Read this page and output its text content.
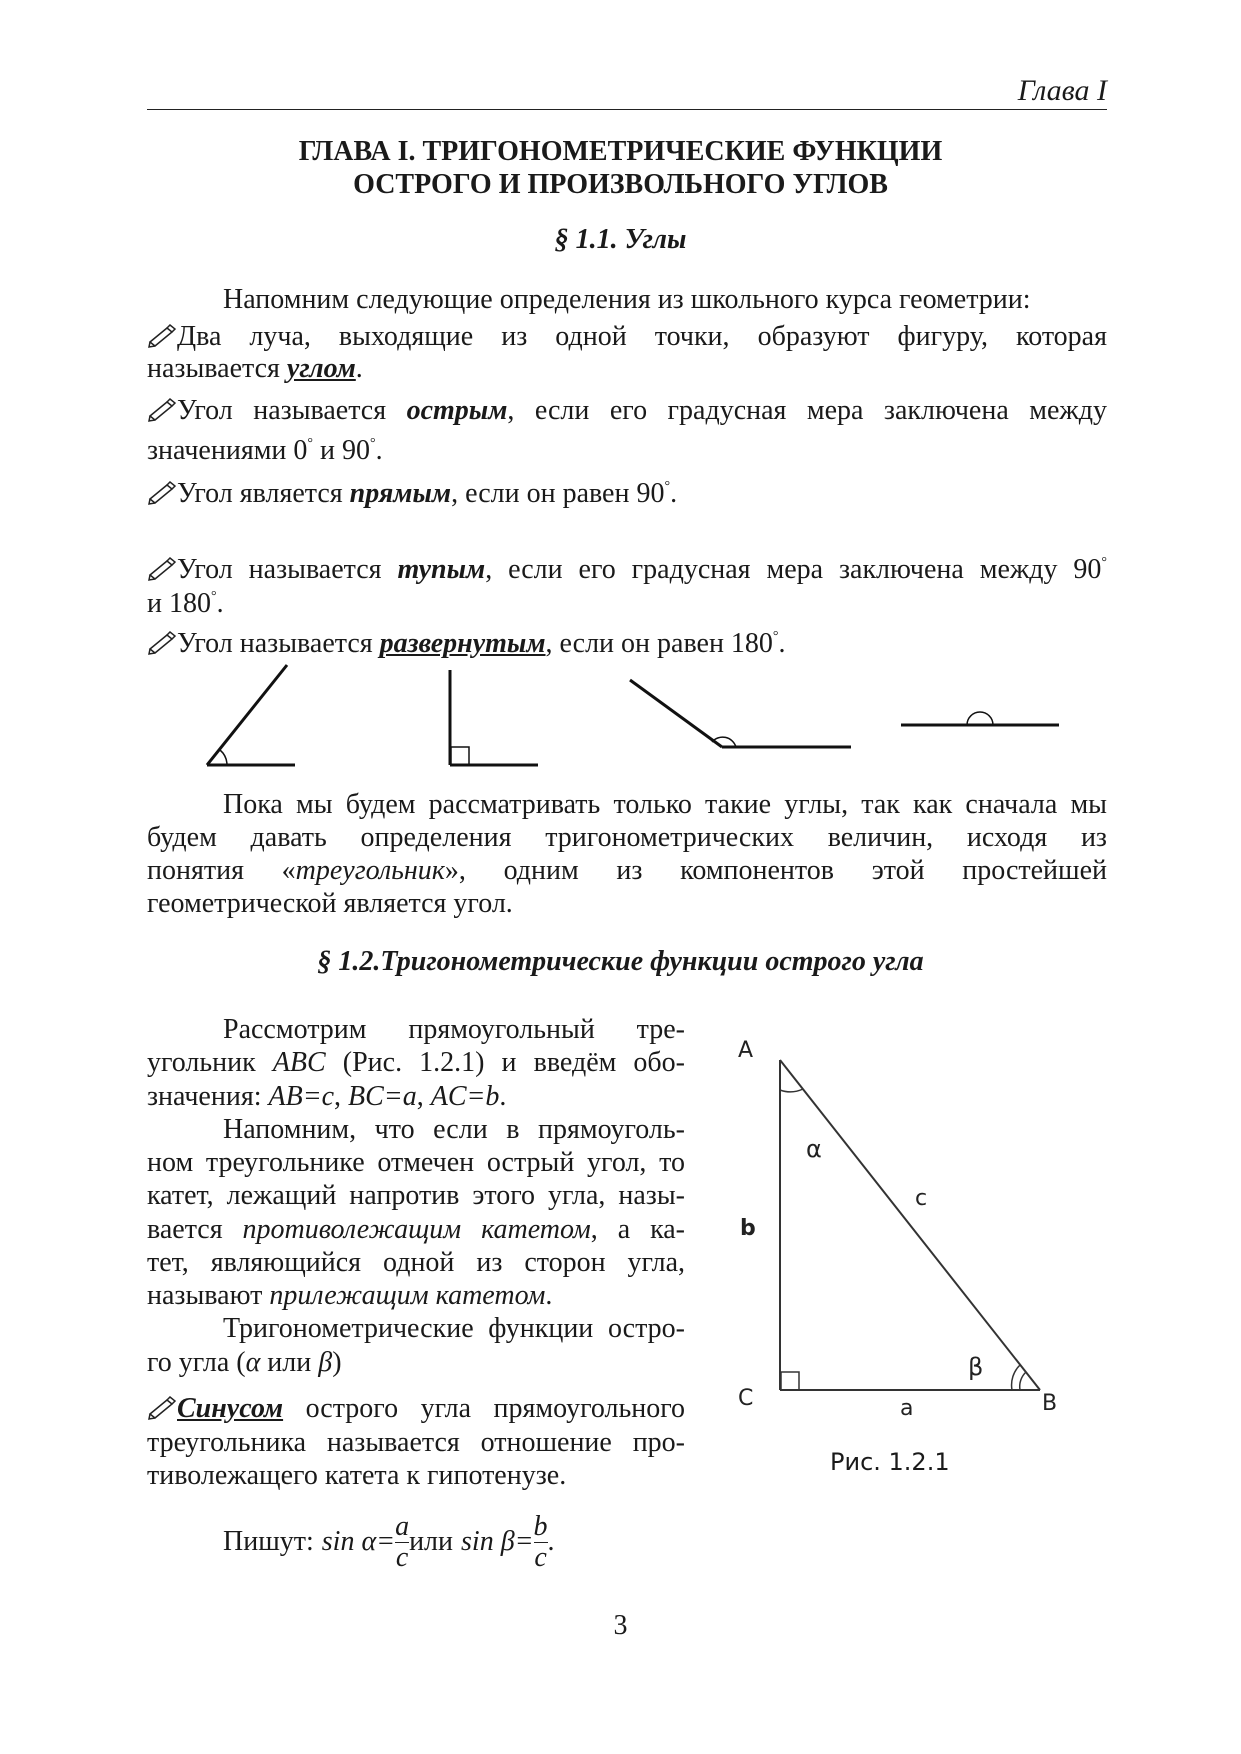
Глава I
ГЛАВА I. ТРИГОНОМЕТРИЧЕСКИЕ ФУНКЦИИ
ОСТРОГО И ПРОИЗВОЛЬНОГО УГЛОВ
§ 1.1. Углы
Напомним следующие определения из школьного курса геометрии:
Два луча, выходящие из одной точки, образуют фигуру, которая
называется углом.
Угол называется острым, если его градусная мера заключена между
значениями 0° и 90°.
Угол является прямым, если он равен 90°.
Угол называется тупым, если его градусная мера заключена между 90°
и 180°.
Угол называется развернутым, если он равен 180°.
Пока мы будем рассматривать только такие углы, так как сначала мы
будем давать определения тригонометрических величин, исходя из
понятия «треугольник», одним из компонентов этой простейшей
геометрической является угол.
§ 1.2.Тригонометрические функции острого угла
Рассмотрим прямоугольный тре-
угольник ABC (Рис. 1.2.1) и введём обо-
значения: AB=c, BC=a, AC=b.
Напомним, что если в прямоуголь-
ном треугольнике отмечен острый угол, то
катет, лежащий напротив этого угла, назы-
вается противолежащим катетом, а ка-
тет, являющийся одной из сторон угла,
называют прилежащим катетом.
Тригонометрические функции остро-
го угла (α или β)
Синусом острого угла прямоугольного
треугольника называется отношение про-
тиволежащего катета к гипотенузе.
Пишут: $\sin \alpha= \frac{a}{c}$ или $\sin \beta= \frac{b}{c}$ .
A
B
C	a
b
c
α
β
Рис. 1.2.1
3
